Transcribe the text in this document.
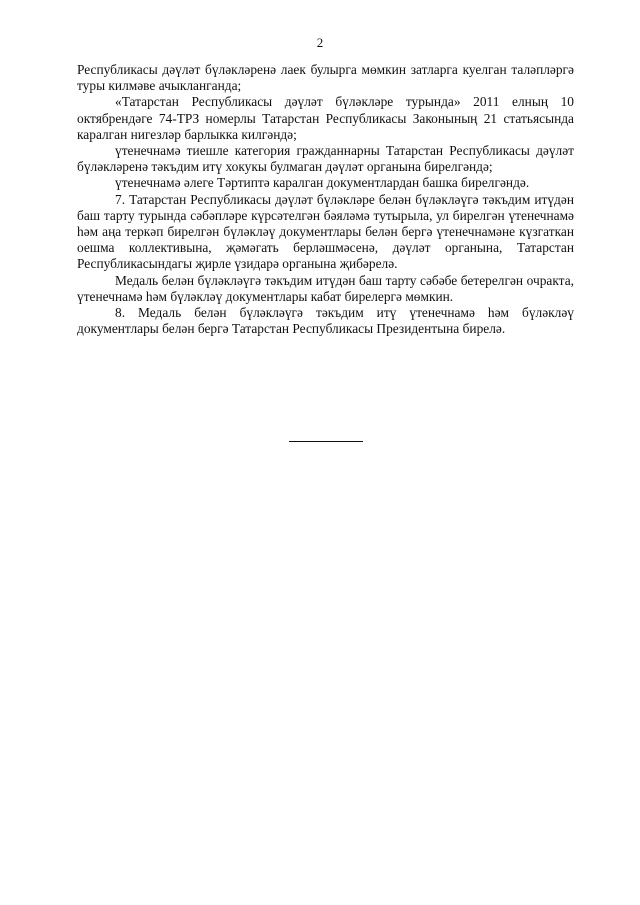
2

Республикасы дәүләт бүләкләренә лаек булырга мөмкин затларга куелган таләпләргә туры килмәве ачыкланганда;

«Татарстан Республикасы дәүләт бүләкләре турында» 2011 елның 10 октябрендәге 74-ТРЗ номерлы Татарстан Республикасы Законының 21 статьясында каралган нигезләр барлыкка килгәндә;

үтенечнамә тиешле категория гражданнарны Татарстан Республикасы дәүләт бүләкләренә тәкъдим итү хокукы булмаган дәүләт органына бирелгәндә;

үтенечнамә әлеге Тәртиптә каралган документлардан башка бирелгәндә.

7. Татарстан Республикасы дәүләт бүләкләре белән бүләкләүгә тәкъдим итүдән баш тарту турында сәбәпләре күрсәтелгән бәяләмә тутырыла, ул бирелгән үтенечнамә һәм аңа теркәп бирелгән бүләкләү документлары белән бергә үтенечнамәне күзгаткан оешма коллективына, җәмәгать берләшмәсенә, дәүләт органына, Татарстан Республикасындагы җирле үзидарә органына җибәрелә.

Медаль белән бүләкләүгә тәкъдим итүдән баш тарту сәбәбе бетерелгән очракта, үтенечнамә һәм бүләкләү документлары кабат бирелергә мөмкин.

8. Медаль белән бүләкләүгә тәкъдим итү үтенечнамә һәм бүләкләү документлары белән бергә Татарстан Республикасы Президентына бирелә.
